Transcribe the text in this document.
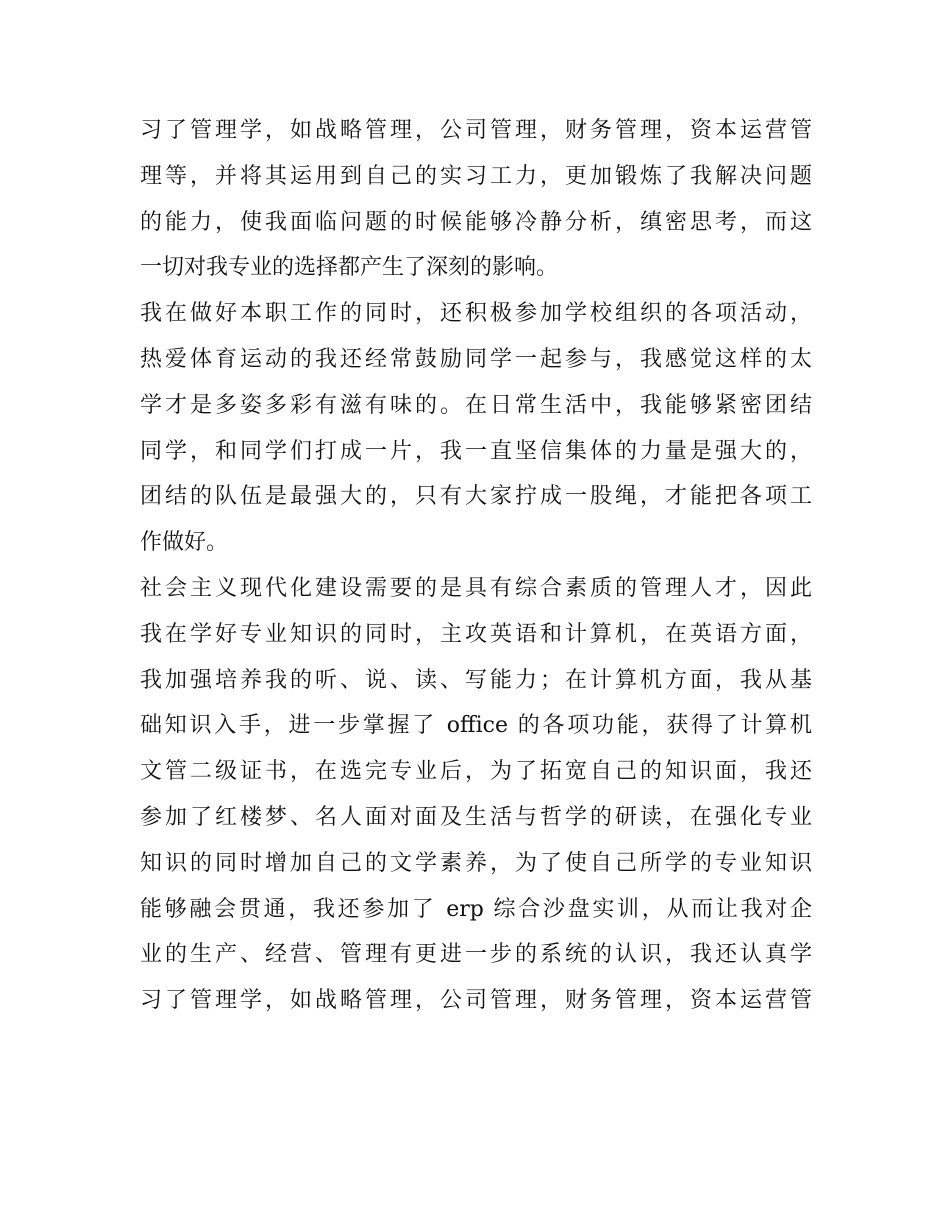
习了管理学，如战略管理，公司管理，财务管理，资本运营管
理等，并将其运用到自己的实习工力，更加锻炼了我解决问题
的能力，使我面临问题的时候能够冷静分析，缜密思考，而这
一切对我专业的选择都产生了深刻的影响。
我在做好本职工作的同时，还积极参加学校组织的各项活动，
热爱体育运动的我还经常鼓励同学一起参与，我感觉这样的太
学才是多姿多彩有滋有味的。在日常生活中，我能够紧密团结
同学，和同学们打成一片，我一直坚信集体的力量是强大的，
团结的队伍是最强大的，只有大家拧成一股绳，才能把各项工
作做好。
社会主义现代化建设需要的是具有综合素质的管理人才，因此
我在学好专业知识的同时，主攻英语和计算机，在英语方面，
我加强培养我的听、说、读、写能力；在计算机方面，我从基
础知识入手，进一步掌握了 office 的各项功能，获得了计算机
文管二级证书，在选完专业后，为了拓宽自己的知识面，我还
参加了红楼梦、名人面对面及生活与哲学的研读，在强化专业
知识的同时增加自己的文学素养，为了使自己所学的专业知识
能够融会贯通，我还参加了 erp 综合沙盘实训，从而让我对企
业的生产、经营、管理有更进一步的系统的认识，我还认真学
习了管理学，如战略管理，公司管理，财务管理，资本运营管
